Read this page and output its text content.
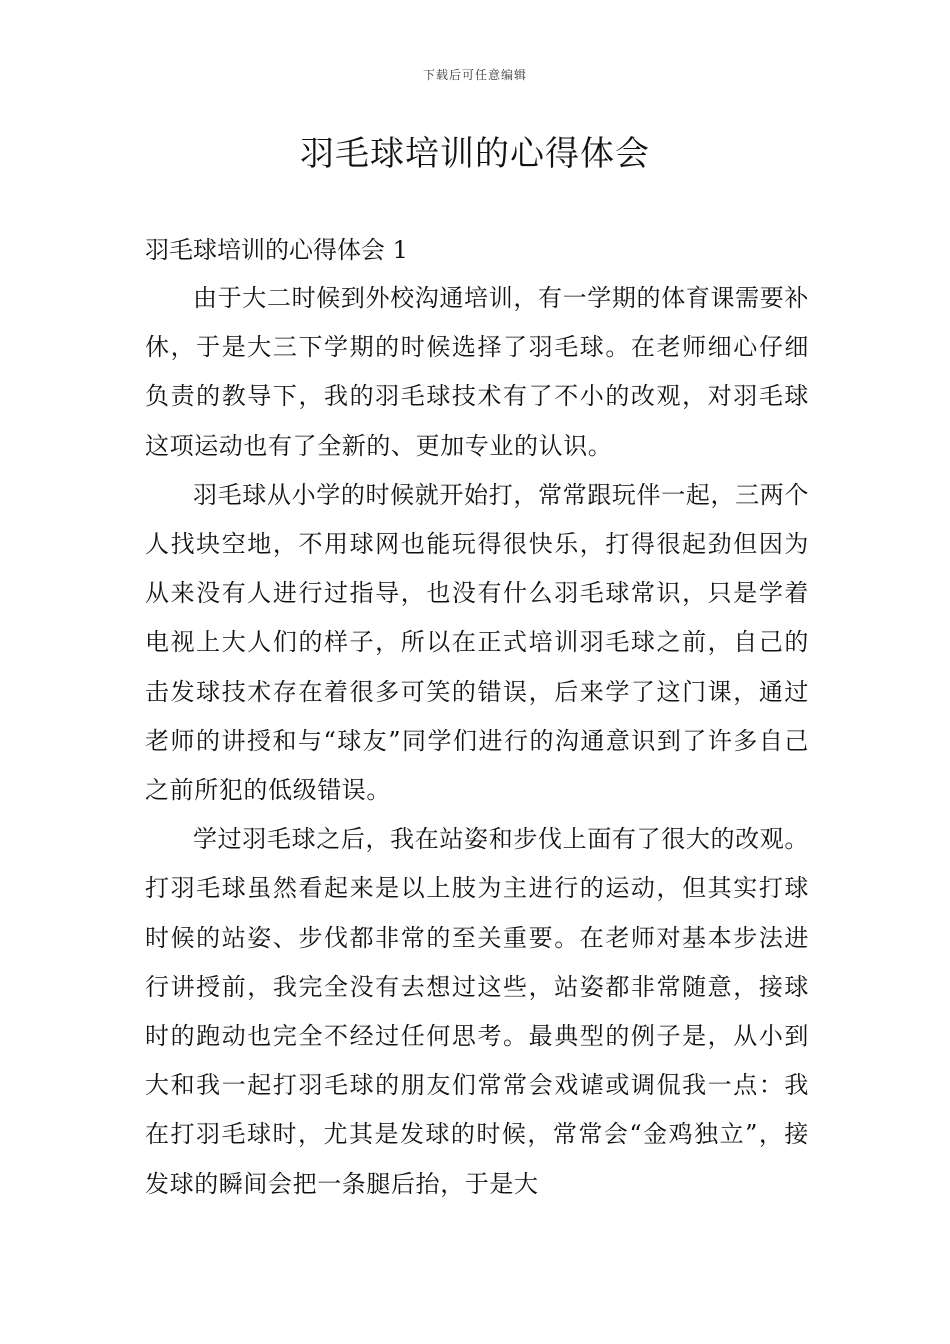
下载后可任意编辑
羽毛球培训的心得体会

羽毛球培训的心得体会 1

由于大二时候到外校沟通培训，有一学期的体育课需要补休，于是大三下学期的时候选择了羽毛球。在老师细心仔细负责的教导下，我的羽毛球技术有了不小的改观，对羽毛球这项运动也有了全新的、更加专业的认识。

羽毛球从小学的时候就开始打，常常跟玩伴一起，三两个人找块空地，不用球网也能玩得很快乐，打得很起劲但因为从来没有人进行过指导，也没有什么羽毛球常识，只是学着电视上大人们的样子，所以在正式培训羽毛球之前，自己的击发球技术存在着很多可笑的错误，后来学了这门课，通过老师的讲授和与“球友”同学们进行的沟通意识到了许多自己之前所犯的低级错误。

学过羽毛球之后，我在站姿和步伐上面有了很大的改观。打羽毛球虽然看起来是以上肢为主进行的运动，但其实打球时候的站姿、步伐都非常的至关重要。在老师对基本步法进行讲授前，我完全没有去想过这些，站姿都非常随意，接球时的跑动也完全不经过任何思考。最典型的例子是，从小到大和我一起打羽毛球的朋友们常常会戏谑或调侃我一点：我在打羽毛球时，尤其是发球的时候，常常会“金鸡独立”，接发球的瞬间会把一条腿后抬，于是大
